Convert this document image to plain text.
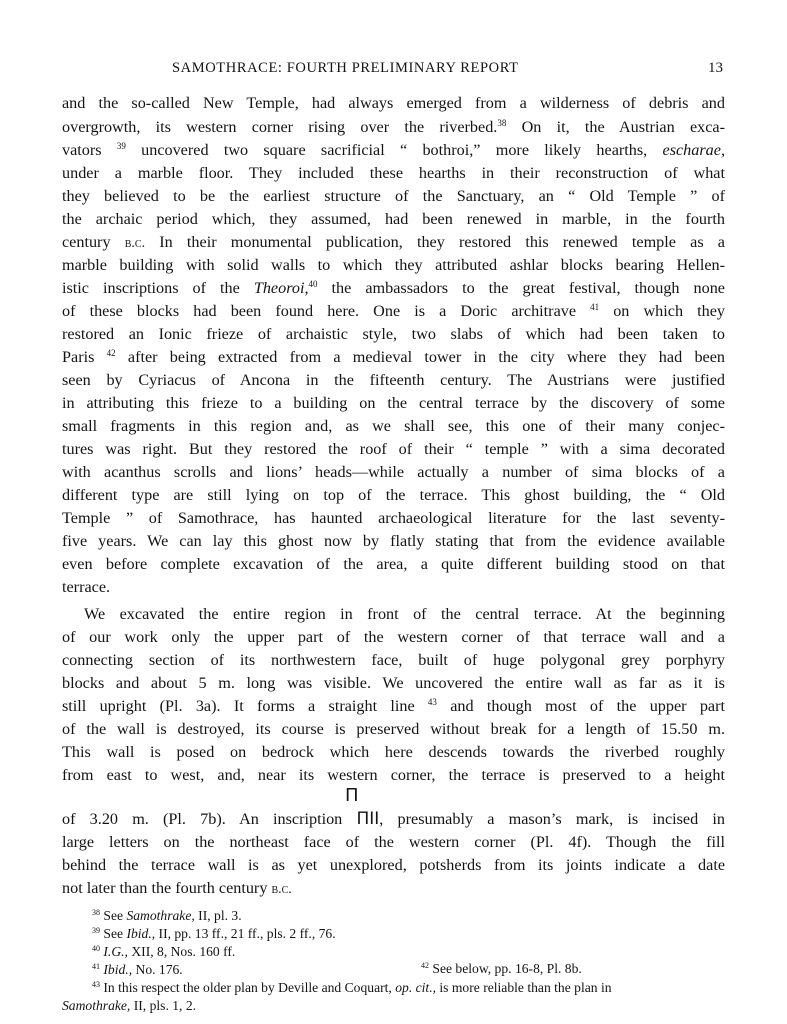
SAMOTHRACE: FOURTH PRELIMINARY REPORT	13
and the so-called New Temple, had always emerged from a wilderness of debris and
overgrowth, its western corner rising over the riverbed.$^{38}$ On it, the Austrian exca-
vators $^{39}$ uncovered two square sacrificial “ bothroi,” more likely hearths, escharae,
under a marble floor. They included these hearths in their reconstruction of what
they believed to be the earliest structure of the Sanctuary, an “ Old Temple ” of
the archaic period which, they assumed, had been renewed in marble, in the fourth
century b.c. In their monumental publication, they restored this renewed temple as a
marble building with solid walls to which they attributed ashlar blocks bearing Hellen-
istic inscriptions of the Theoroi,$^{40}$ the ambassadors to the great festival, though none
of these blocks had been found here. One is a Doric architrave $^{41}$ on which they
restored an Ionic frieze of archaistic style, two slabs of which had been taken to
Paris $^{42}$ after being extracted from a medieval tower in the city where they had been
seen by Cyriacus of Ancona in the fifteenth century. The Austrians were justified
in attributing this frieze to a building on the central terrace by the discovery of some
small fragments in this region and, as we shall see, this one of their many conjec-
tures was right. But they restored the roof of their “ temple ” with a sima decorated
with acanthus scrolls and lions’ heads—while actually a number of sima blocks of a
different type are still lying on top of the terrace. This ghost building, the “ Old
Temple ” of Samothrace, has haunted archaeological literature for the last seventy-
five years. We can lay this ghost now by flatly stating that from the evidence available
even before complete excavation of the area, a quite different building stood on that
terrace.
We excavated the entire region in front of the central terrace. At the beginning
of our work only the upper part of the western corner of that terrace wall and a
connecting section of its northwestern face, built of huge polygonal grey porphyry
blocks and about 5 m. long was visible. We uncovered the entire wall as far as it is
still upright (Pl. 3a). It forms a straight line $^{43}$ and though most of the upper part
of the wall is destroyed, its course is preserved without break for a length of 15.50 m.
This wall is posed on bedrock which here descends towards the riverbed roughly
from east to west, and, near its western corner, the terrace is preserved to a height
Π
of 3.20 m. (Pl. 7b). An inscription ΠΙΙ, presumably a mason’s mark, is incised in
large letters on the northeast face of the western corner (Pl. 4f). Though the fill
behind the terrace wall is as yet unexplored, potsherds from its joints indicate a date
not later than the fourth century b.c.
$^{38}$ See Samothrake, II, pl. 3.
$^{39}$ See Ibid., II, pp. 13 ff., 21 ff., pls. 2 ff., 76.
$^{40}$ I.G., XII, 8, Nos. 160 ff.
$^{41}$ Ibid., No. 176.	$^{42}$ See below, pp. 16-8, Pl. 8b.
$^{43}$ In this respect the older plan by Deville and Coquart, op. cit., is more reliable than the plan in
Samothrake, II, pls. 1, 2.
